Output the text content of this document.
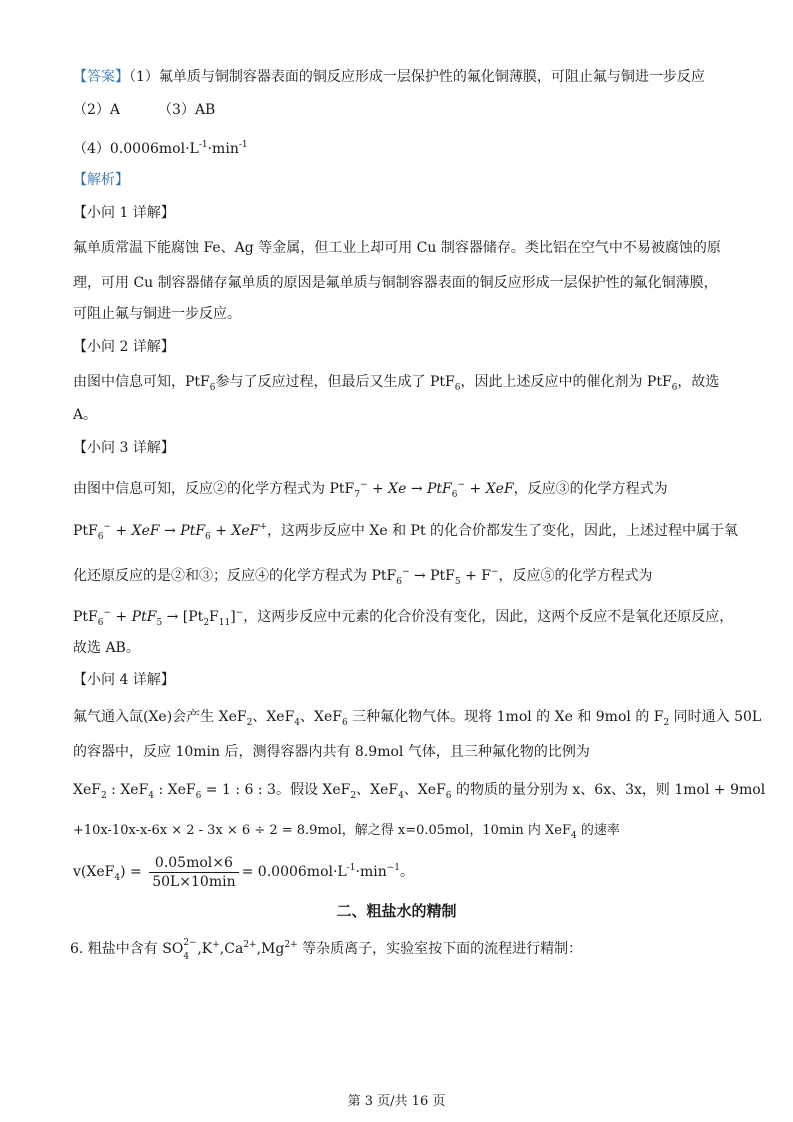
【答案】（1）氟单质与铜制容器表面的铜反应形成一层保护性的氟化铜薄膜，可阻止氟与铜进一步反应
（2）A	（3）AB
$(4)0.0006mol\cdot L^{-1}\cdot\min^{-1}$
【解析】
【小问 1 详解】
氟单质常温下能腐蚀 Fe、Ag 等金属，但工业上却可用 Cu 制容器储存。类比铝在空气中不易被腐蚀的原
理，可用 Cu 制容器储存氟单质的原因是氟单质与铜制容器表面的铜反应形成一层保护性的氟化铜薄膜，
可阻止氟与铜进一步反应。
【小问 2 详解】
由图中信息可知，PtF$_6$参与了反应过程，但最后又生成了 PtF$_6$，因此上述反应中的催化剂为 PtF$_6$，故选
A。
【小问 3 详解】
由图中信息可知，反应②的化学方程式为 PtF$_7$− + Xe → PtF$_6$− + XeF，反应③的化学方程式为
PtF$_6$− + XeF → PtF$_6$ + XeF+，这两步反应中 Xe 和 Pt 的化合价都发生了变化，因此，上述过程中属于氧
化还原反应的是②和③；反应④的化学方程式为 PtF$_6$− → PtF$_5$ + F−，反应⑤的化学方程式为
$PtF_6^- + PtF_5 \to [Pt_2F_{11}]^-$，这两步反应中元素的化合价没有变化，因此，这两个反应不是氧化还原反应，
故选 AB。
【小问 4 详解】
氟气通入氙(Xe)会产生 XeF$_2$、XeF$_4$、XeF$_6$ 三种氟化物气体。现将 1mol 的 Xe 和 9mol 的 $F_2$ 同时通入 50L
的容器中，反应 10min 后，测得容器内共有 8.9mol 气体，且三种氟化物的比例为
XeF$_2$ : XeF$_4$ : XeF$_6$ = 1 : 6 : 3。假设 XeF$_2$、XeF$_4$、XeF$_6$ 的物质的量分别为 x、6x、3x，则 1mol + 9mol
+10x-10x-x-6x × 2 - 3x × 6 ÷ 2 = 8.9mol，解之得 x=0.05mol，10min 内 XeF$_4$ 的速率
$v(XeF_4) = \frac{\text{0.05mol×6}}{50L\times 10\min} = 0.0006mol\cdot L^{-1}\cdot\min^{-1}$。
二、粗盐水的精制
6. 粗盐中含有 SO 2−
4 $,K^+,Ca^{2+},Mg^{2+}$ 等杂质离子，实验室按下面的流程进行精制：
第 3 页/共 16 页
